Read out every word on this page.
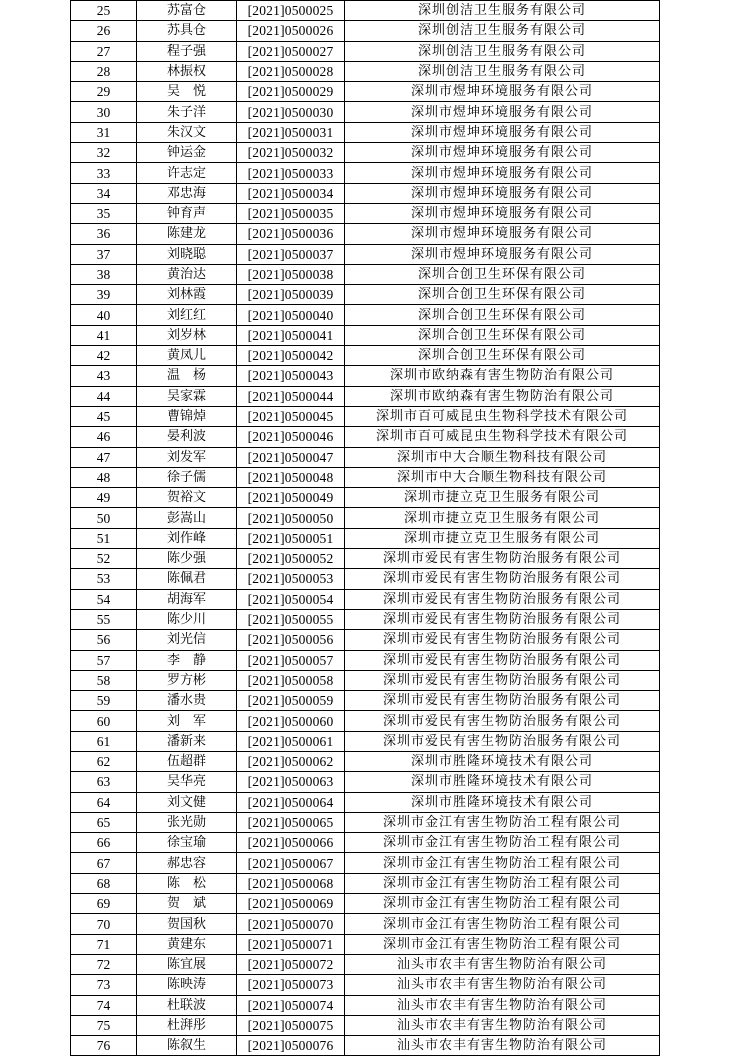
25	苏富仓	[2021]0500025	深圳创洁卫生服务有限公司
26	苏具仓	[2021]0500026	深圳创洁卫生服务有限公司
27	程子强	[2021]0500027	深圳创洁卫生服务有限公司
28	林振权	[2021]0500028	深圳创洁卫生服务有限公司
29	吴　悦	[2021]0500029	深圳市煜坤环境服务有限公司
30	朱子洋	[2021]0500030	深圳市煜坤环境服务有限公司
31	朱汉文	[2021]0500031	深圳市煜坤环境服务有限公司
32	钟运金	[2021]0500032	深圳市煜坤环境服务有限公司
33	许志定	[2021]0500033	深圳市煜坤环境服务有限公司
34	邓忠海	[2021]0500034	深圳市煜坤环境服务有限公司
35	钟育声	[2021]0500035	深圳市煜坤环境服务有限公司
36	陈建龙	[2021]0500036	深圳市煜坤环境服务有限公司
37	刘晓聪	[2021]0500037	深圳市煜坤环境服务有限公司
38	黄治达	[2021]0500038	深圳合创卫生环保有限公司
39	刘林霞	[2021]0500039	深圳合创卫生环保有限公司
40	刘红红	[2021]0500040	深圳合创卫生环保有限公司
41	刘岁林	[2021]0500041	深圳合创卫生环保有限公司
42	黄凤儿	[2021]0500042	深圳合创卫生环保有限公司
43	温　杨	[2021]0500043	深圳市欧纳森有害生物防治有限公司
44	吴家霖	[2021]0500044	深圳市欧纳森有害生物防治有限公司
45	曹锦焯	[2021]0500045	深圳市百可威昆虫生物科学技术有限公司
46	晏利波	[2021]0500046	深圳市百可威昆虫生物科学技术有限公司
47	刘发军	[2021]0500047	深圳市中大合顺生物科技有限公司
48	徐子儒	[2021]0500048	深圳市中大合顺生物科技有限公司
49	贺裕文	[2021]0500049	深圳市捷立克卫生服务有限公司
50	彭嵩山	[2021]0500050	深圳市捷立克卫生服务有限公司
51	刘作峰	[2021]0500051	深圳市捷立克卫生服务有限公司
52	陈少强	[2021]0500052	深圳市爱民有害生物防治服务有限公司
53	陈佩君	[2021]0500053	深圳市爱民有害生物防治服务有限公司
54	胡海军	[2021]0500054	深圳市爱民有害生物防治服务有限公司
55	陈少川	[2021]0500055	深圳市爱民有害生物防治服务有限公司
56	刘光信	[2021]0500056	深圳市爱民有害生物防治服务有限公司
57	李　静	[2021]0500057	深圳市爱民有害生物防治服务有限公司
58	罗方彬	[2021]0500058	深圳市爱民有害生物防治服务有限公司
59	潘水贵	[2021]0500059	深圳市爱民有害生物防治服务有限公司
60	刘　军	[2021]0500060	深圳市爱民有害生物防治服务有限公司
61	潘新来	[2021]0500061	深圳市爱民有害生物防治服务有限公司
62	伍超群	[2021]0500062	深圳市胜隆环境技术有限公司
63	吴华亮	[2021]0500063	深圳市胜隆环境技术有限公司
64	刘文健	[2021]0500064	深圳市胜隆环境技术有限公司
65	张光勋	[2021]0500065	深圳市金江有害生物防治工程有限公司
66	徐宝瑜	[2021]0500066	深圳市金江有害生物防治工程有限公司
67	郝忠容	[2021]0500067	深圳市金江有害生物防治工程有限公司
68	陈　松	[2021]0500068	深圳市金江有害生物防治工程有限公司
69	贺　斌	[2021]0500069	深圳市金江有害生物防治工程有限公司
70	贺国秋	[2021]0500070	深圳市金江有害生物防治工程有限公司
71	黄建东	[2021]0500071	深圳市金江有害生物防治工程有限公司
72	陈宜展	[2021]0500072	汕头市农丰有害生物防治有限公司
73	陈映涛	[2021]0500073	汕头市农丰有害生物防治有限公司
74	杜联波	[2021]0500074	汕头市农丰有害生物防治有限公司
75	杜湃彤	[2021]0500075	汕头市农丰有害生物防治有限公司
76	陈叙生	[2021]0500076	汕头市农丰有害生物防治有限公司
